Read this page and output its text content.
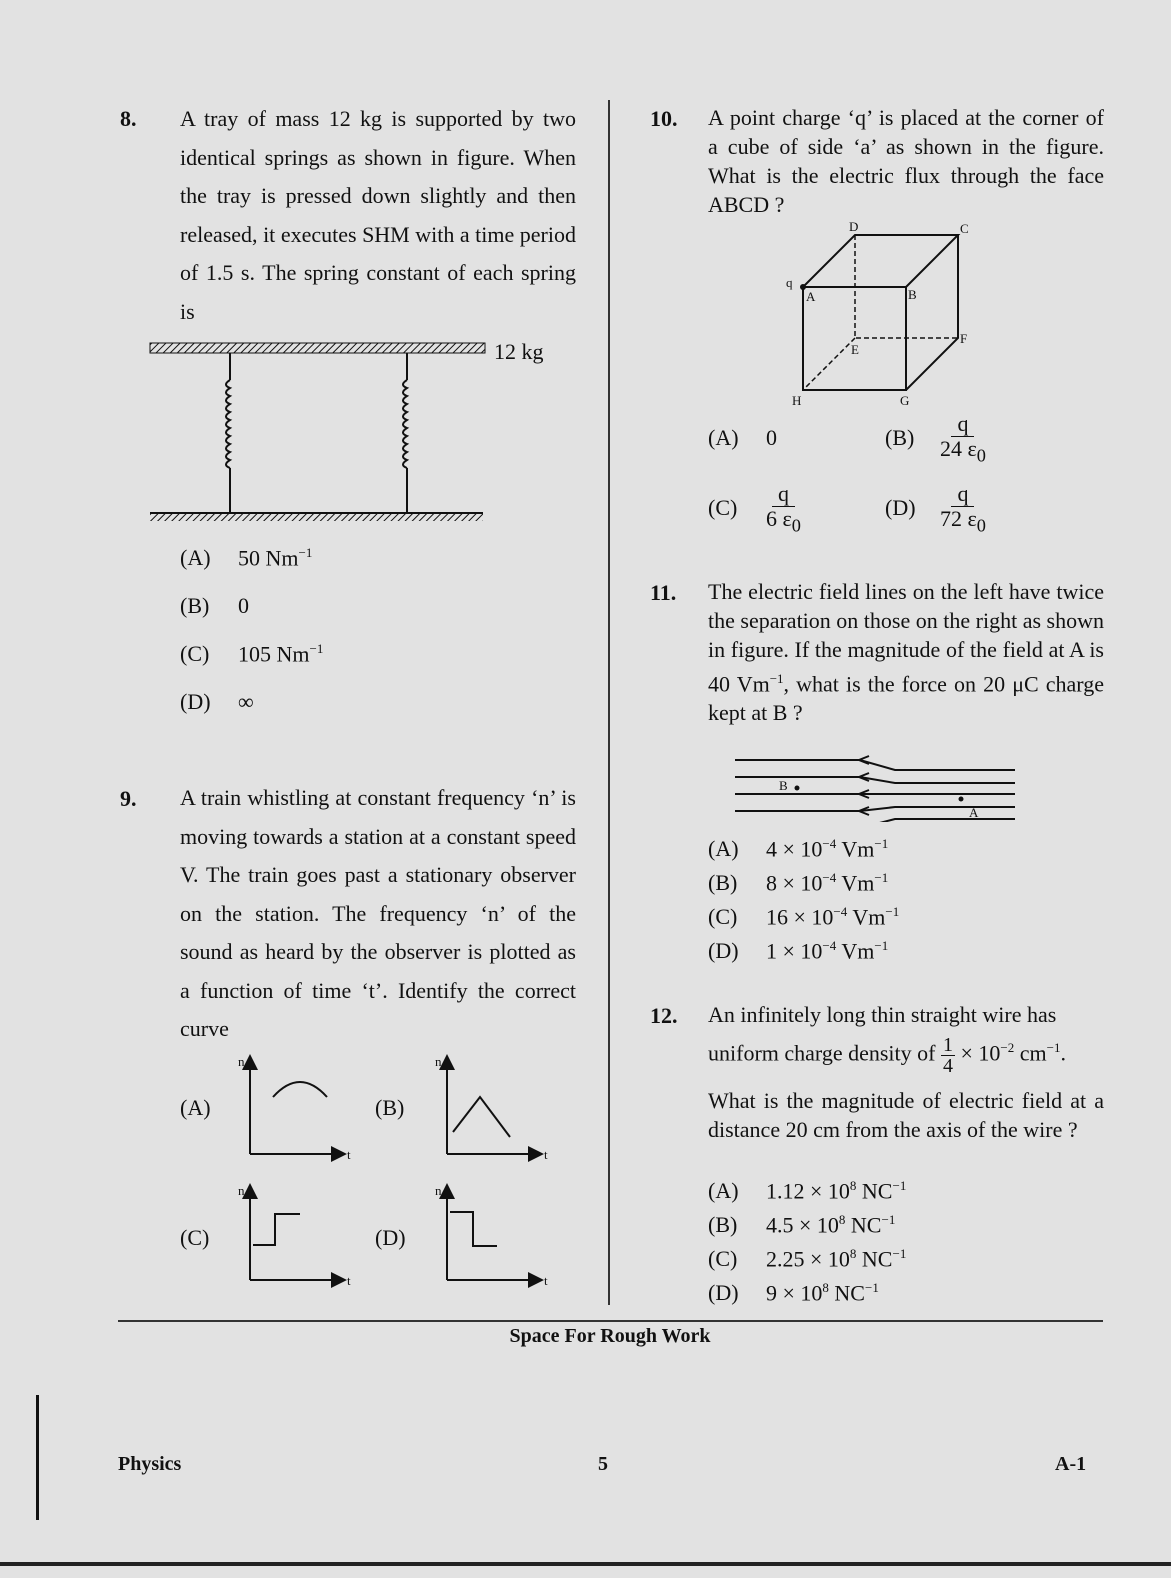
8. A tray of mass 12 kg is supported by two identical springs as shown in figure. When the tray is pressed down slightly and then released, it executes SHM with a time period of 1.5 s. The spring constant of each spring is
12 kg
(A) 50 $Nm^{-1}$
(B) 0
(C) 105 $Nm^{-1}$
(D) ∞
9. A train whistling at constant frequency ‘n’ is moving towards a station at a constant speed V. The train goes past a stationary observer on the station. The frequency ‘n’ of the sound as heard by the observer is plotted as a function of time ‘t’. Identify the correct curve
(A)	(B)
(C)	(D)
n
t
n
t
n
t
n
t
10. A point charge ‘q’ is placed at the corner of a cube of side ‘a’ as shown in the figure. What is the electric flux through the face ABCD ?
q
A	B
C
D
E
F
G
H
(A) 0	$(B) \frac{q}{24 \varepsilon_0}$
$(C) \frac{q}{6 \varepsilon_0}$	$(D) \frac{q}{72 \varepsilon_0}$
11. The electric field lines on the left have twice the separation on those on the right as shown in figure. If the magnitude of the field at A is 40 $Vm^{-1}$, what is the force on 20 μC charge kept at B ?
B
A
(A) $4 \times 10^{-4}$ $Vm^{-1}$
(B) $8 \times 10^{-4}$ $Vm^{-1}$
(C) $16 \times 10^{-4}$ $Vm^{-1}$
(D) $1 \times 10^{-4}$ $Vm^{-1}$
12. An infinitely long thin straight wire has
uniform charge density of $\frac{1}{4} \times 10^{-2}$ $cm^{-1}$.
What is the magnitude of electric field at a distance 20 cm from the axis of the wire ?
(A) $1.12 \times 10^8$ $NC^{-1}$
(B) $4.5 \times 10^8$ $NC^{-1}$
(C) $2.25 \times 10^8$ $NC^{-1}$
(D) $9 \times 10^8$ $NC^{-1}$
Space For Rough Work
Physics	5	A-1
